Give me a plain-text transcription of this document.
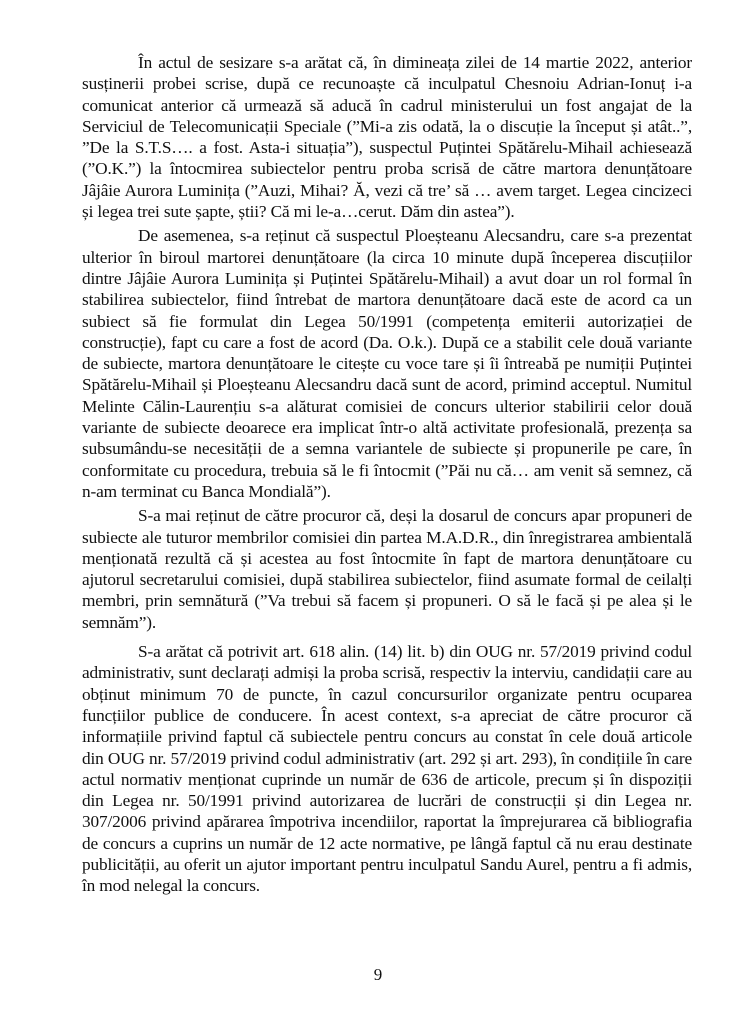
În actul de sesizare s-a arătat că, în dimineața zilei de 14 martie 2022, anterior susținerii probei scrise, după ce recunoaște că inculpatul Chesnoiu Adrian-Ionuț i-a comunicat anterior că urmează să aducă în cadrul ministerului un fost angajat de la Serviciul de Telecomunicații Speciale (”Mi-a zis odată, la o discuție la început și atât..”, ”De la S.T.S…. a fost. Asta-i situația”), suspectul Puținteі Spătărelu-Mihail achiesează (”O.K.”) la întocmirea subiectelor pentru proba scrisă de către martora denunțătoare Jâjâie Aurora Luminița (”Auzi, Mihai? Ă, vezi că tre’ să … avem target. Legea cincizeci și legea trei sute șapte, știi? Că mi le-a…cerut. Dăm din astea”).

De asemenea, s-a reținut că suspectul Ploeșteanu Alecsandru, care s-a prezentat ulterior în biroul martorei denunțătoare (la circa 10 minute după începerea discuțiilor dintre Jâjâie Aurora Luminița și Puținteі Spătărelu-Mihail) a avut doar un rol formal în stabilirea subiectelor, fiind întrebat de martora denunțătoare dacă este de acord ca un subiect să fie formulat din Legea 50/1991 (competența emiterii autorizației de construcție), fapt cu care a fost de acord (Da. O.k.). După ce a stabilit cele două variante de subiecte, martora denunțătoare le citește cu voce tare și îi întreabă pe numiții Puținteі Spătărelu-Mihail și Ploeșteanu Alecsandru dacă sunt de acord, primind acceptul. Numitul Melinte Călin-Laurențiu s-a alăturat comisiei de concurs ulterior stabilirii celor două variante de subiecte deoarece era implicat într-o altă activitate profesională, prezența sa subsumându-se necesității de a semna variantele de subiecte și propunerile pe care, în conformitate cu procedura, trebuia să le fi întocmit (”Păi nu că… am venit să semnez, că n-am terminat cu Banca Mondială”).

S-a mai reținut de către procuror că, deși la dosarul de concurs apar propuneri de subiecte ale tuturor membrilor comisiei din partea M.A.D.R., din înregistrarea ambientală menționată rezultă că și acestea au fost întocmite în fapt de martora denunțătoare cu ajutorul secretarului comisiei, după stabilirea subiectelor, fiind asumate formal de ceilalți membri, prin semnătură (”Va trebui să facem și propuneri. O să le facă și pe alea și le semnăm”).

S-a arătat că potrivit art. 618 alin. (14) lit. b) din OUG nr. 57/2019 privind codul administrativ, sunt declarați admiși la proba scrisă, respectiv la interviu, candidații care au obținut minimum 70 de puncte, în cazul concursurilor organizate pentru ocuparea funcțiilor publice de conducere. În acest context, s-a apreciat de către procuror că informațiile privind faptul că subiectele pentru concurs au constat în cele două articole din OUG nr. 57/2019 privind codul administrativ (art. 292 și art. 293), în condițiile în care actul normativ menționat cuprinde un număr de 636 de articole, precum și în dispoziții din Legea nr. 50/1991 privind autorizarea de lucrări de construcții și din Legea nr. 307/2006 privind apărarea împotriva incendiilor, raportat la împrejurarea că bibliografia de concurs a cuprins un număr de 12 acte normative, pe lângă faptul că nu erau destinate publicității, au oferit un ajutor important pentru inculpatul Sandu Aurel, pentru a fi admis, în mod nelegal la concurs.

9
